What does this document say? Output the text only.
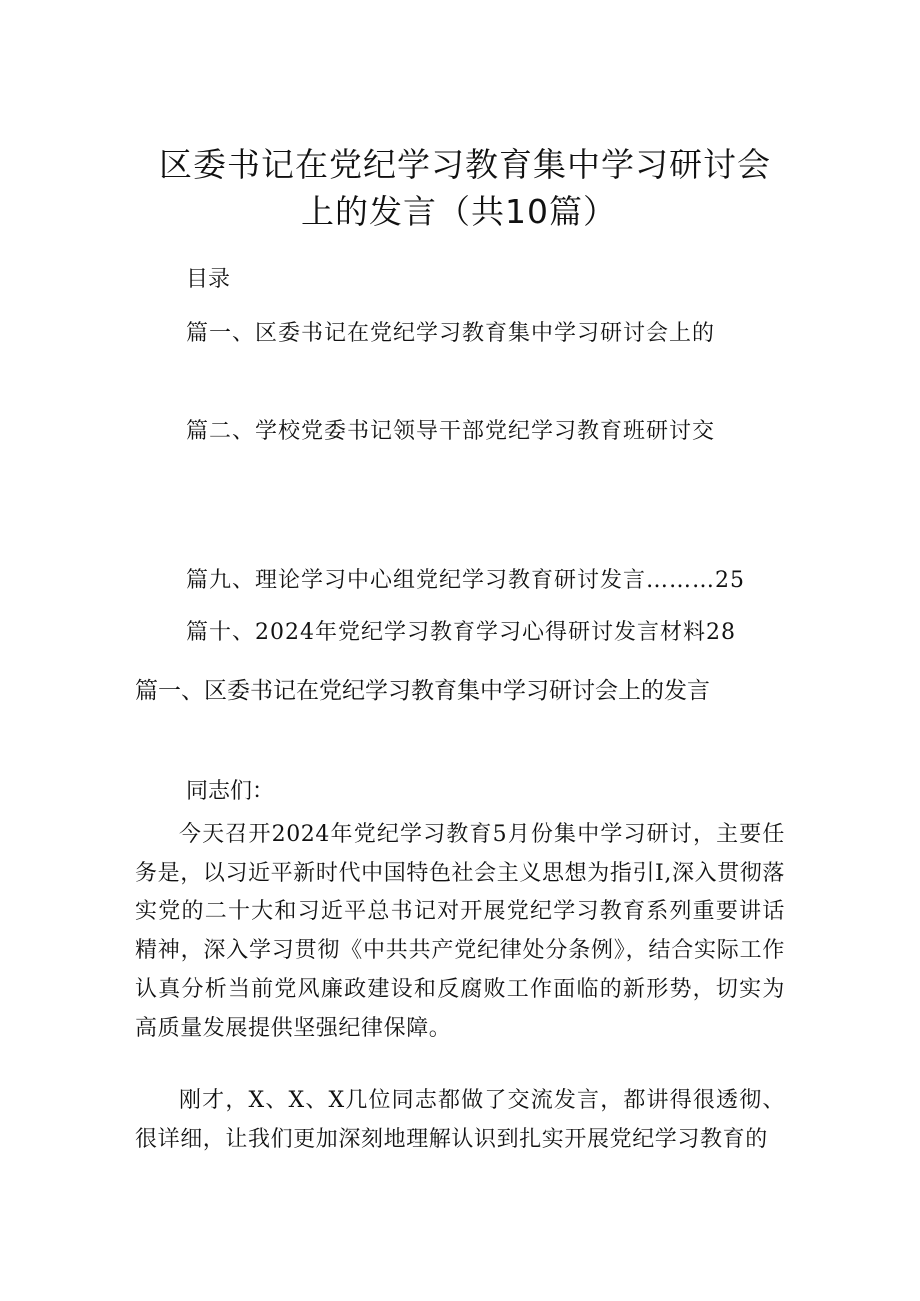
区委书记在党纪学习教育集中学习研讨会
上的发言（共10篇）
目录
篇一、区委书记在党纪学习教育集中学习研讨会上的
篇二、学校党委书记领导干部党纪学习教育班研讨交
篇九、理论学习中心组党纪学习教育研讨发言………25
篇十、2024年党纪学习教育学习心得研讨发言材料28
篇一、区委书记在党纪学习教育集中学习研讨会上的发言
同志们：

今天召开2024年党纪学习教育5月份集中学习研讨，主要任务是，以习近平新时代中国特色社会主义思想为指引I,深入贯彻落实党的二十大和习近平总书记对开展党纪学习教育系列重要讲话精神，深入学习贯彻《中共共产党纪律处分条例》，结合实际工作认真分析当前党风廉政建设和反腐败工作面临的新形势，切实为高质量发展提供坚强纪律保障。

刚才，X、X、X几位同志都做了交流发言，都讲得很透彻、很详细，让我们更加深刻地理解认识到扎实开展党纪学习教育的
